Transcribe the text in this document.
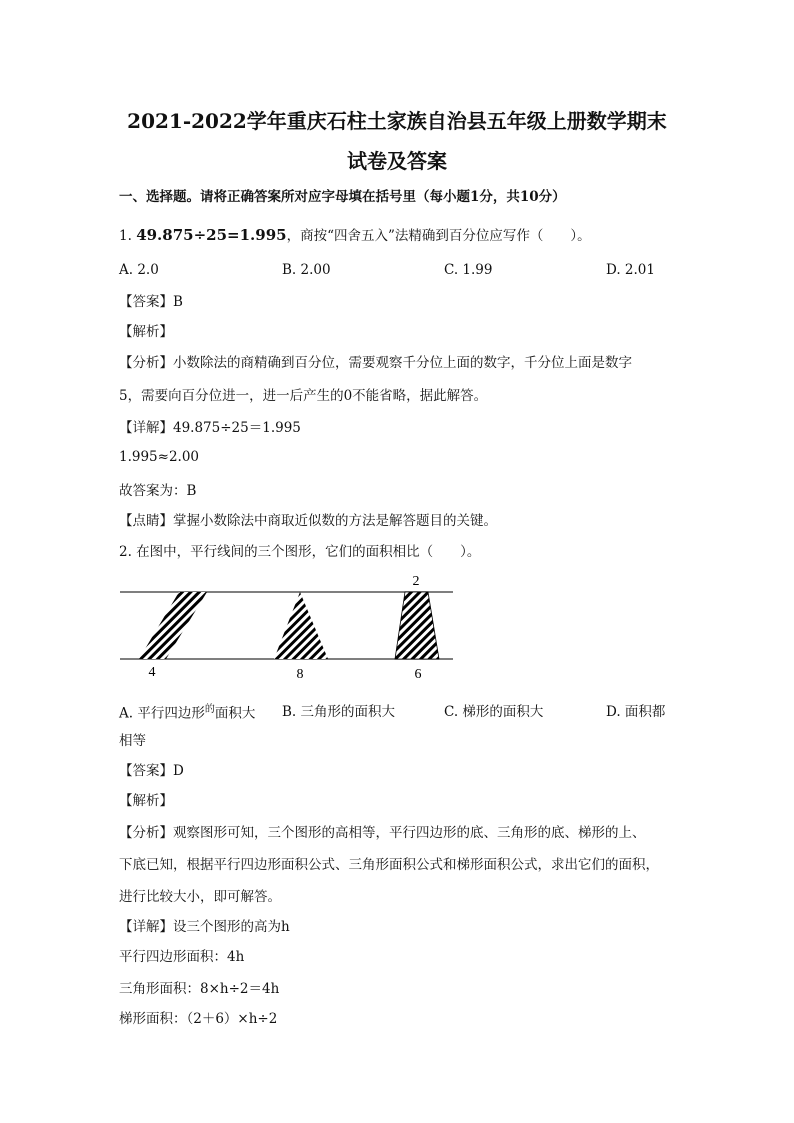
2021-2022学年重庆石柱土家族自治县五年级上册数学期末
试卷及答案
一、选择题。请将正确答案所对应字母填在括号里（每小题1分，共10分）
1. 49.875÷25=1.995，商按“四舍五入”法精确到百分位应写作（　　）。
A. 2.0	B. 2.00	C. 1.99	D. 2.01
【答案】B
【解析】
【分析】小数除法的商精确到百分位，需要观察千分位上面的数字，千分位上面是数字
5，需要向百分位进一，进一后产生的0不能省略，据此解答。
【详解】49.875÷25＝1.995
1.995≈2.00
故答案为：B
【点睛】掌握小数除法中商取近似数的方法是解答题目的关键。
2. 在图中，平行线间的三个图形，它们的面积相比（　　）。
4	8	6
2
A. 平行四边形$^的$面积大 B. 三角形的面积大	C. 梯形的面积大	D. 面积都
相等
【答案】D
【解析】
【分析】观察图形可知，三个图形的高相等，平行四边形的底、三角形的底、梯形的上、
下底已知，根据平行四边形面积公式、三角形面积公式和梯形面积公式，求出它们的面积，
进行比较大小，即可解答。
【详解】设三个图形的高为h
平行四边形面积：4h
三角形面积：8×h÷2＝4h
梯形面积：（2＋6）×h÷2
